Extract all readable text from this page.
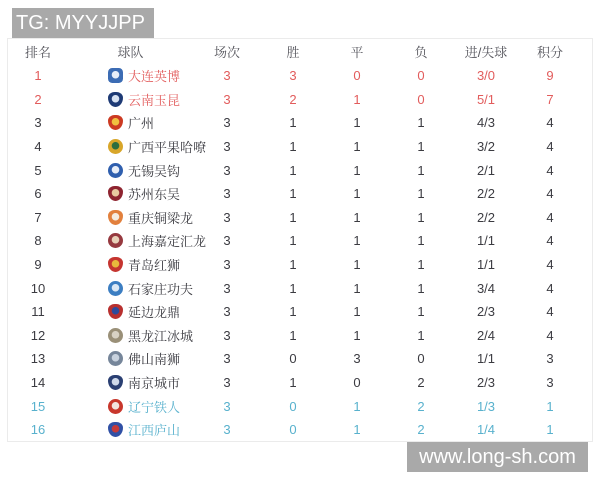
TG: MYYJJPP
排名	球队	场次	胜	平	负	进/失球	积分
1	大连英博	3	3	0	0	3/0	9
2	云南玉昆	3	2	1	0	5/1	7
3	广州	3	1	1	1	4/3	4
4	广西平果哈嘹	3	1	1	1	3/2	4
5	无锡吴钩	3	1	1	1	2/1	4
6	苏州东吴	3	1	1	1	2/2	4
7	重庆铜梁龙	3	1	1	1	2/2	4
8	上海嘉定汇龙	3	1	1	1	1/1	4
9	青岛红狮	3	1	1	1	1/1	4
10	石家庄功夫	3	1	1	1	3/4	4
11	延边龙鼎	3	1	1	1	2/3	4
12	黑龙江冰城	3	1	1	1	2/4	4
13	佛山南狮	3	0	3	0	1/1	3
14	南京城市	3	1	0	2	2/3	3
15	辽宁铁人	3	0	1	2	1/3	1
16	江西庐山	3	0	1	2	1/4	1
www.long-sh.com
